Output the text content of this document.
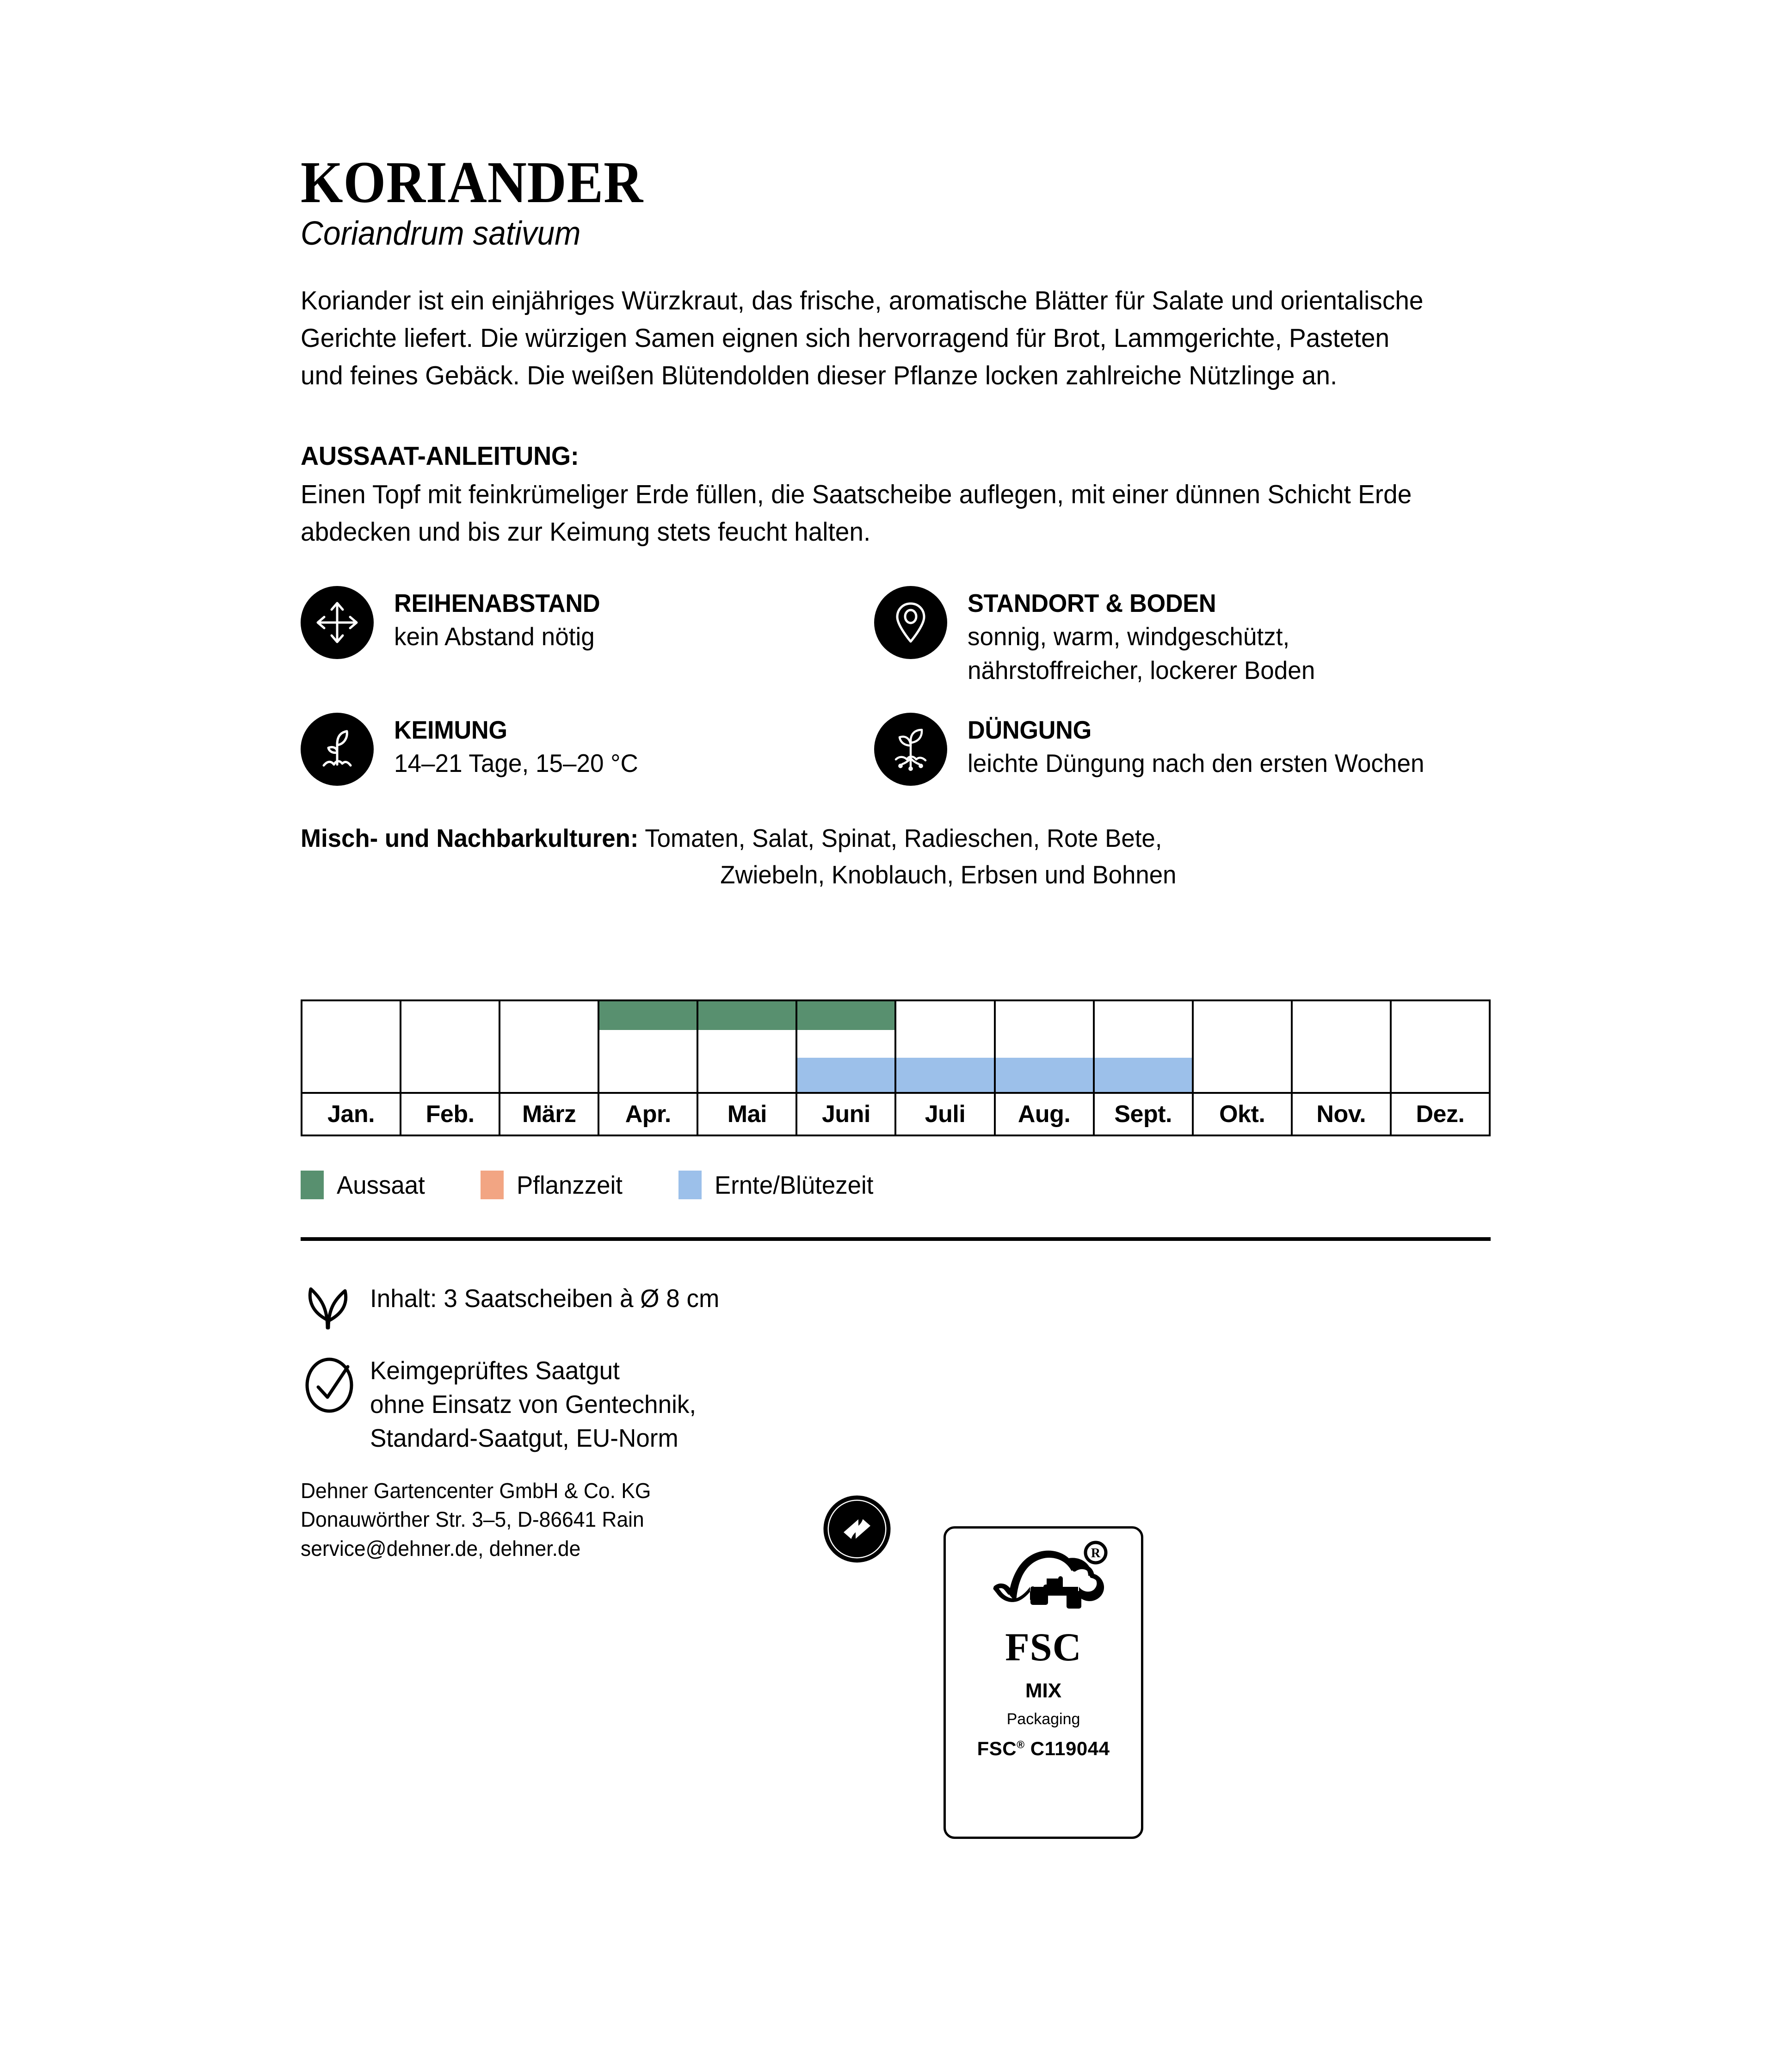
KORIANDER
Coriandrum sativum

Koriander ist ein einjähriges Würzkraut, das frische, aromatische Blätter für Salate und orientalische Gerichte liefert. Die würzigen Samen eignen sich hervorragend für Brot, Lammgerichte, Pasteten und feines Gebäck. Die weißen Blütendolden dieser Pflanze locken zahlreiche Nützlinge an.

AUSSAAT-ANLEITUNG:

Einen Topf mit feinkrümeliger Erde füllen, die Saatscheibe auflegen, mit einer dünnen Schicht Erde abdecken und bis zur Keimung stets feucht halten.

REIHENABSTAND
kein Abstand nötig
STANDORT & BODEN
sonnig, warm, windgeschützt, nährstoffreicher, lockerer Boden
KEIMUNG
14–21 Tage, 15–20 °C
DÜNGUNG
leichte Düngung nach den ersten Wochen

Misch- und Nachbarkulturen: Tomaten, Salat, Spinat, Radieschen, Rote Bete,
Zwiebeln, Knoblauch, Erbsen und Bohnen

Jan.	Feb.	März	Apr.	Mai	Juni	Juli	Aug.	Sept.	Okt.	Nov.	Dez.
Aussaat	Pflanzzeit	Ernte/Blütezeit
Inhalt: 3 Saatscheiben à Ø 8 cm
Keimgeprüftes Saatgut
ohne Einsatz von Gentechnik,
Standard-Saatgut, EU-Norm
Dehner Gartencenter GmbH & Co. KG
Donauwörther Str. 3–5, D-86641 Rain
service@dehner.de, dehner.de	R
FSC
MIX
Packaging
FSC® C119044
